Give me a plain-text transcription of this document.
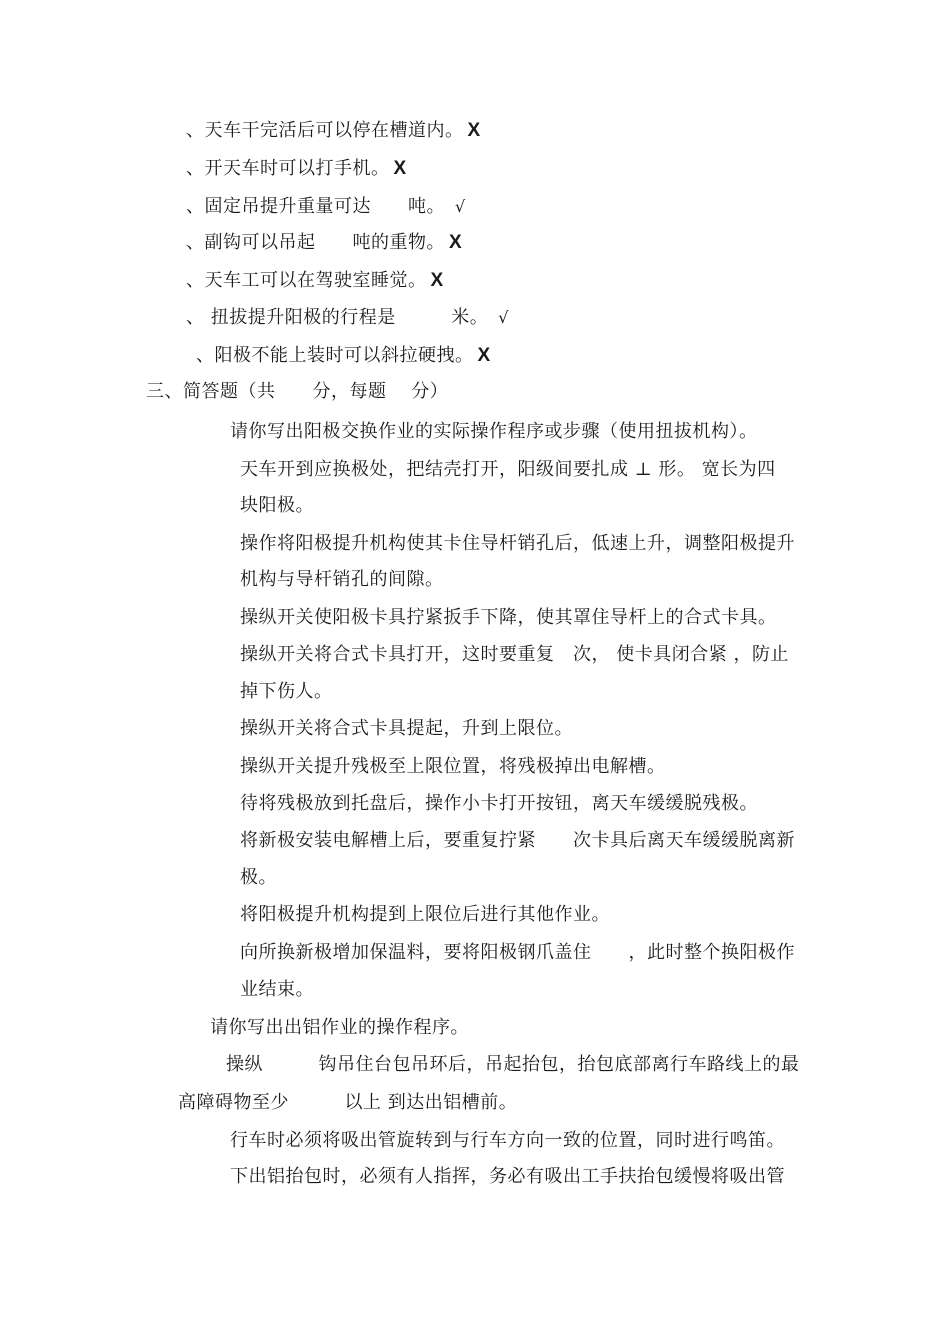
、天车干完活后可以停在槽道内。 X
、开天车时可以打手机。 X
、固定吊提升重量可达　　吨。 √
、副钩可以吊起　　吨的重物。 X
、天车工可以在驾驶室睡觉。 X
、 扭拔提升阳极的行程是　　　米。 √
、阳极不能上装时可以斜拉硬拽。 X
三、简答题（共　　分，每题　 分）
请你写出阳极交换作业的实际操作程序或步骤（使用扭拔机构）。
天车开到应换极处，把结壳打开，阳级间要扎成 ⊥ 形。 宽长为四
块阳极。
操作将阳极提升机构使其卡住导杆销孔后，低速上升，调整阳极提升
机构与导杆销孔的间隙。
操纵开关使阳极卡具拧紧扳手下降，使其罩住导杆上的合式卡具。
操纵开关将合式卡具打开，这时要重复　次， 使卡具闭合紧 ，防止
掉下伤人。
操纵开关将合式卡具提起，升到上限位。
操纵开关提升残极至上限位置，将残极掉出电解槽。
待将残极放到托盘后，操作小卡打开按钮，离天车缓缓脱残极。
将新极安装电解槽上后，要重复拧紧　　次卡具后离天车缓缓脱离新
极。
将阳极提升机构提到上限位后进行其他作业。
向所换新极增加保温料，要将阳极钢爪盖住　　，此时整个换阳极作
业结束。
请你写出出铝作业的操作程序。
操纵　　　钩吊住台包吊环后，吊起抬包，抬包底部离行车路线上的最
高障碍物至少　　　以上 到达出铝槽前。
行车时必须将吸出管旋转到与行车方向一致的位置，同时进行鸣笛。
下出铝抬包时，必须有人指挥，务必有吸出工手扶抬包缓慢将吸出管
